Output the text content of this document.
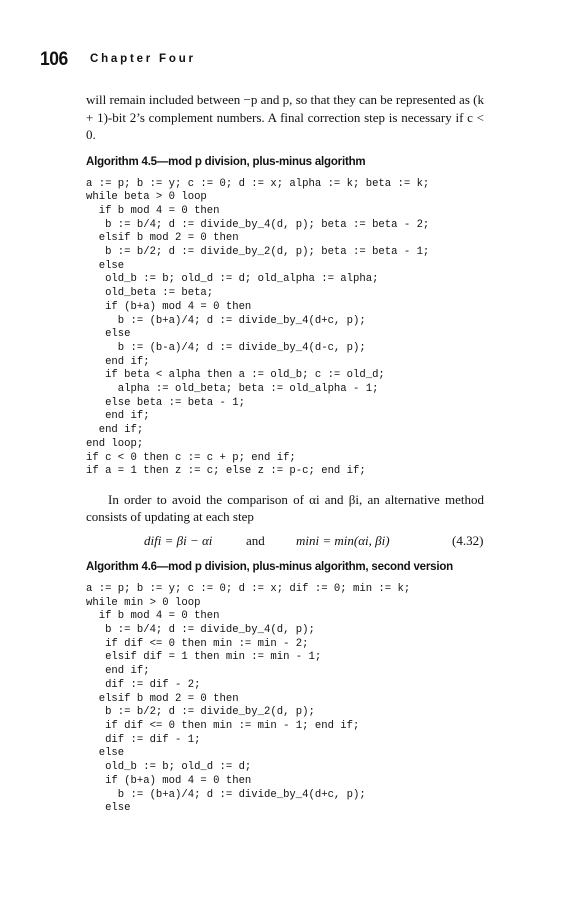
106 Chapter Four

will remain included between −p and p, so that they can be represented as (k + 1)-bit 2’s complement numbers. A final correction step is necessary if c < 0.

Algorithm 4.5—mod p division, plus-minus algorithm

a := p; b := y; c := 0; d := x; alpha := k; beta := k;
while beta > 0 loop
if b mod 4 = 0 then
b := b/4; d := divide_by_4(d, p); beta := beta - 2;
elsif b mod 2 = 0 then
b := b/2; d := divide_by_2(d, p); beta := beta - 1;
else
old_b := b; old_d := d; old_alpha := alpha;
old_beta := beta;
if (b+a) mod 4 = 0 then
b := (b+a)/4; d := divide_by_4(d+c, p);
else
b := (b-a)/4; d := divide_by_4(d-c, p);
end if;
if beta < alpha then a := old_b; c := old_d;
alpha := old_beta; beta := old_alpha - 1;
else beta := beta - 1;
end if;
end if;
end loop;
if c < 0 then c := c + p; end if;
if a = 1 then z := c; else z := p-c; end if;

In order to avoid the comparison of αi and βi, an alternative method consists of updating at each step

difi = βi − αi	and mini = min(αi, βi)	(4.32)

Algorithm 4.6—mod p division, plus-minus algorithm, second version

a := p; b := y; c := 0; d := x; dif := 0; min := k;
while min > 0 loop
if b mod 4 = 0 then
b := b/4; d := divide_by_4(d, p);
if dif <= 0 then min := min - 2;
elsif dif = 1 then min := min - 1;
end if;
dif := dif - 2;
elsif b mod 2 = 0 then
b := b/2; d := divide_by_2(d, p);
if dif <= 0 then min := min - 1; end if;
dif := dif - 1;
else
old_b := b; old_d := d;
if (b+a) mod 4 = 0 then
b := (b+a)/4; d := divide_by_4(d+c, p);
else
